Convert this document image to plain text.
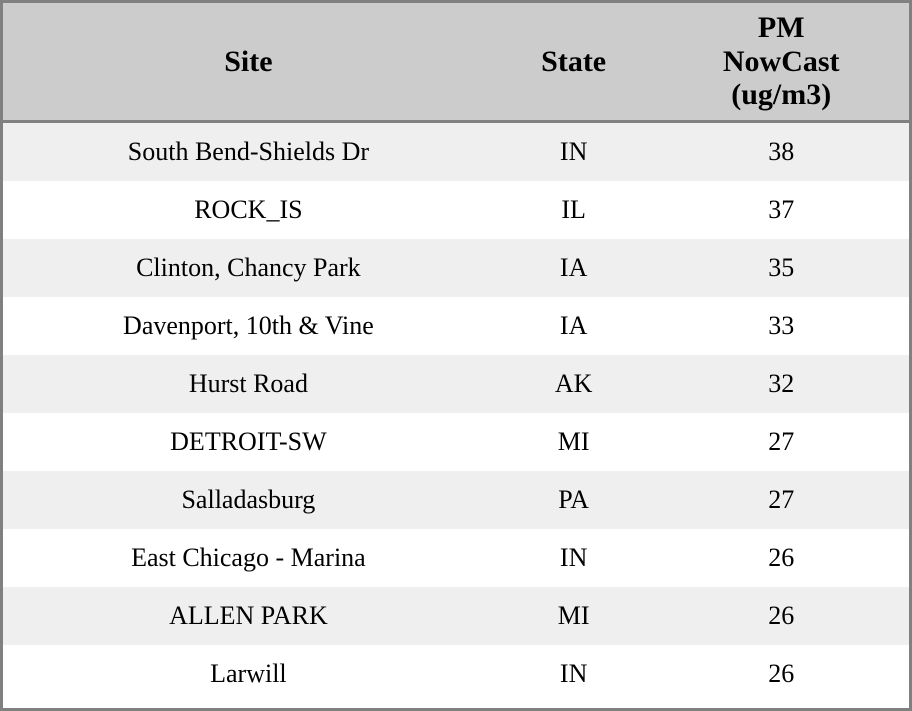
Site	State	PM
NowCast
(ug/m3)
South Bend-Shields Dr	IN	38
ROCK_IS	IL	37
Clinton, Chancy Park	IA	35
Davenport, 10th & Vine	IA	33
Hurst Road	AK	32
DETROIT-SW	MI	27
Salladasburg	PA	27
East Chicago - Marina	IN	26
ALLEN PARK	MI	26
Larwill	IN	26
